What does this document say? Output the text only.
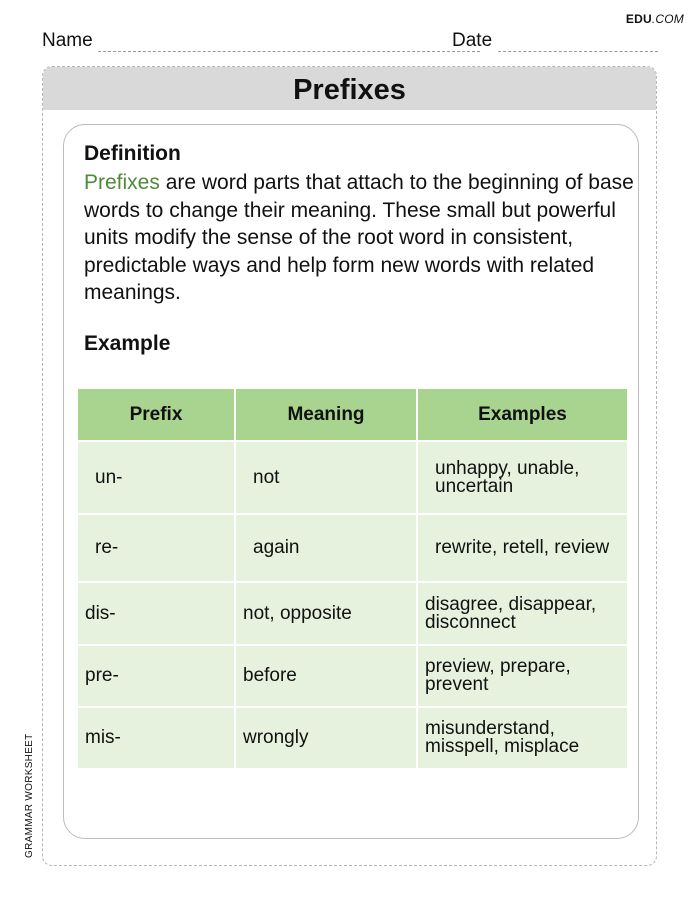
EDU.COM
Name	Date
Prefixes
Definition
Prefixes are word parts that attach to the beginning of base words to change their meaning. These small but powerful units modify the sense of the root word in consistent, predictable ways and help form new words with related meanings.
Example
Prefix	Meaning	Examples
un-	not	unhappy, unable, uncertain

re-	again	rewrite, retell, review

dis-	not, opposite	disagree, disappear, disconnect

pre-	before	preview, prepare, prevent

mis-	wrongly	misunderstand, misspell, misplace
GRAMMAR WORKSHEET
